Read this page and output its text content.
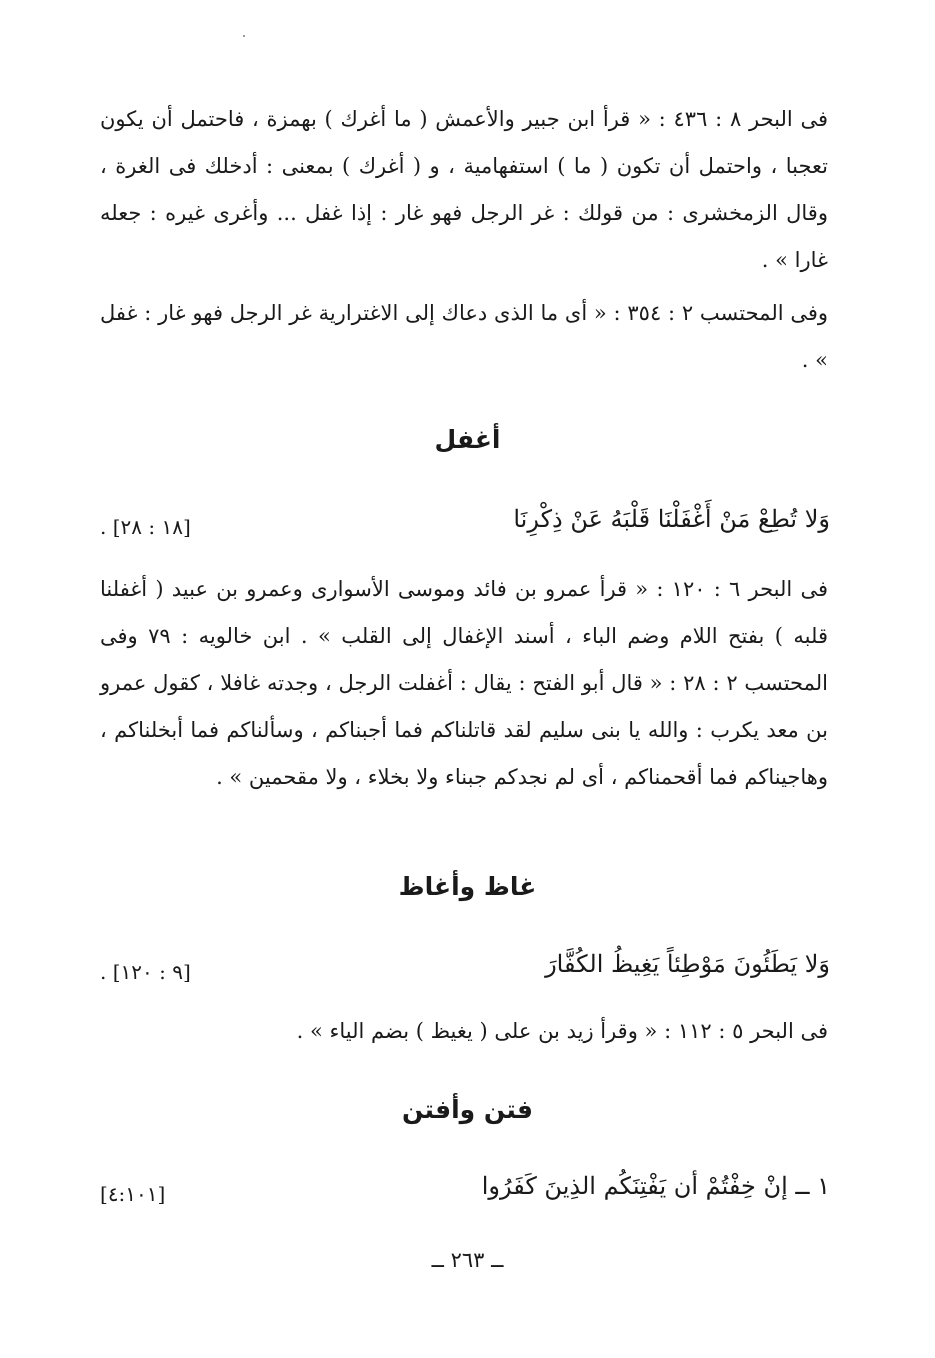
فى البحر ٨ : ٤٣٦ : « قرأ ابن جبير والأعمش ( ما أغرك ) بهمزة ، فاحتمل أن يكون تعجبا ، واحتمل أن تكون ( ما ) استفهامية ، و ( أغرك ) بمعنى : أدخلك فى الغرة ، وقال الزمخشرى : من قولك : غر الرجل فهو غار : إذا غفل ... وأغرى غيره : جعله غارا » .
وفى المحتسب ٢ : ٣٥٤ : « أى ما الذى دعاك إلى الاغترارية غر الرجل فهو غار : غفل » .
أغفل
وَلا تُطِعْ مَنْ أَغْفَلْنَا قَلْبَهُ عَنْ ذِكْرِنَا
[١٨ : ٢٨] .
فى البحر ٦ : ١٢٠ : « قرأ عمرو بن فائد وموسى الأسوارى وعمرو بن عبيد ( أغفلنا قلبه ) بفتح اللام وضم الباء ، أسند الإغفال إلى القلب » . ابن خالويه : ٧٩ وفى المحتسب ٢ : ٢٨ : « قال أبو الفتح : يقال : أغفلت الرجل ، وجدته غافلا ، كقول عمرو بن معد يكرب : والله يا بنى سليم لقد قاتلناكم فما أجبناكم ، وسألناكم فما أبخلناكم ، وهاجيناكم فما أقحمناكم ، أى لم نجدكم جبناء ولا بخلاء ، ولا مقحمين » .
غاظ وأغاظ
وَلا يَطَئُونَ مَوْطِئاً يَغِيظُ الكُفَّارَ
[٩ : ١٢٠] .
فى البحر ٥ : ١١٢ : « وقرأ زيد بن على ( يغيظ ) بضم الياء » .
فتن وأفتن
١ ــ إنْ خِفْتُمْ أن يَفْتِنَكُم الذِينَ كَفَرُوا
[٤:١٠١]
ــ ٢٦٣ ــ
